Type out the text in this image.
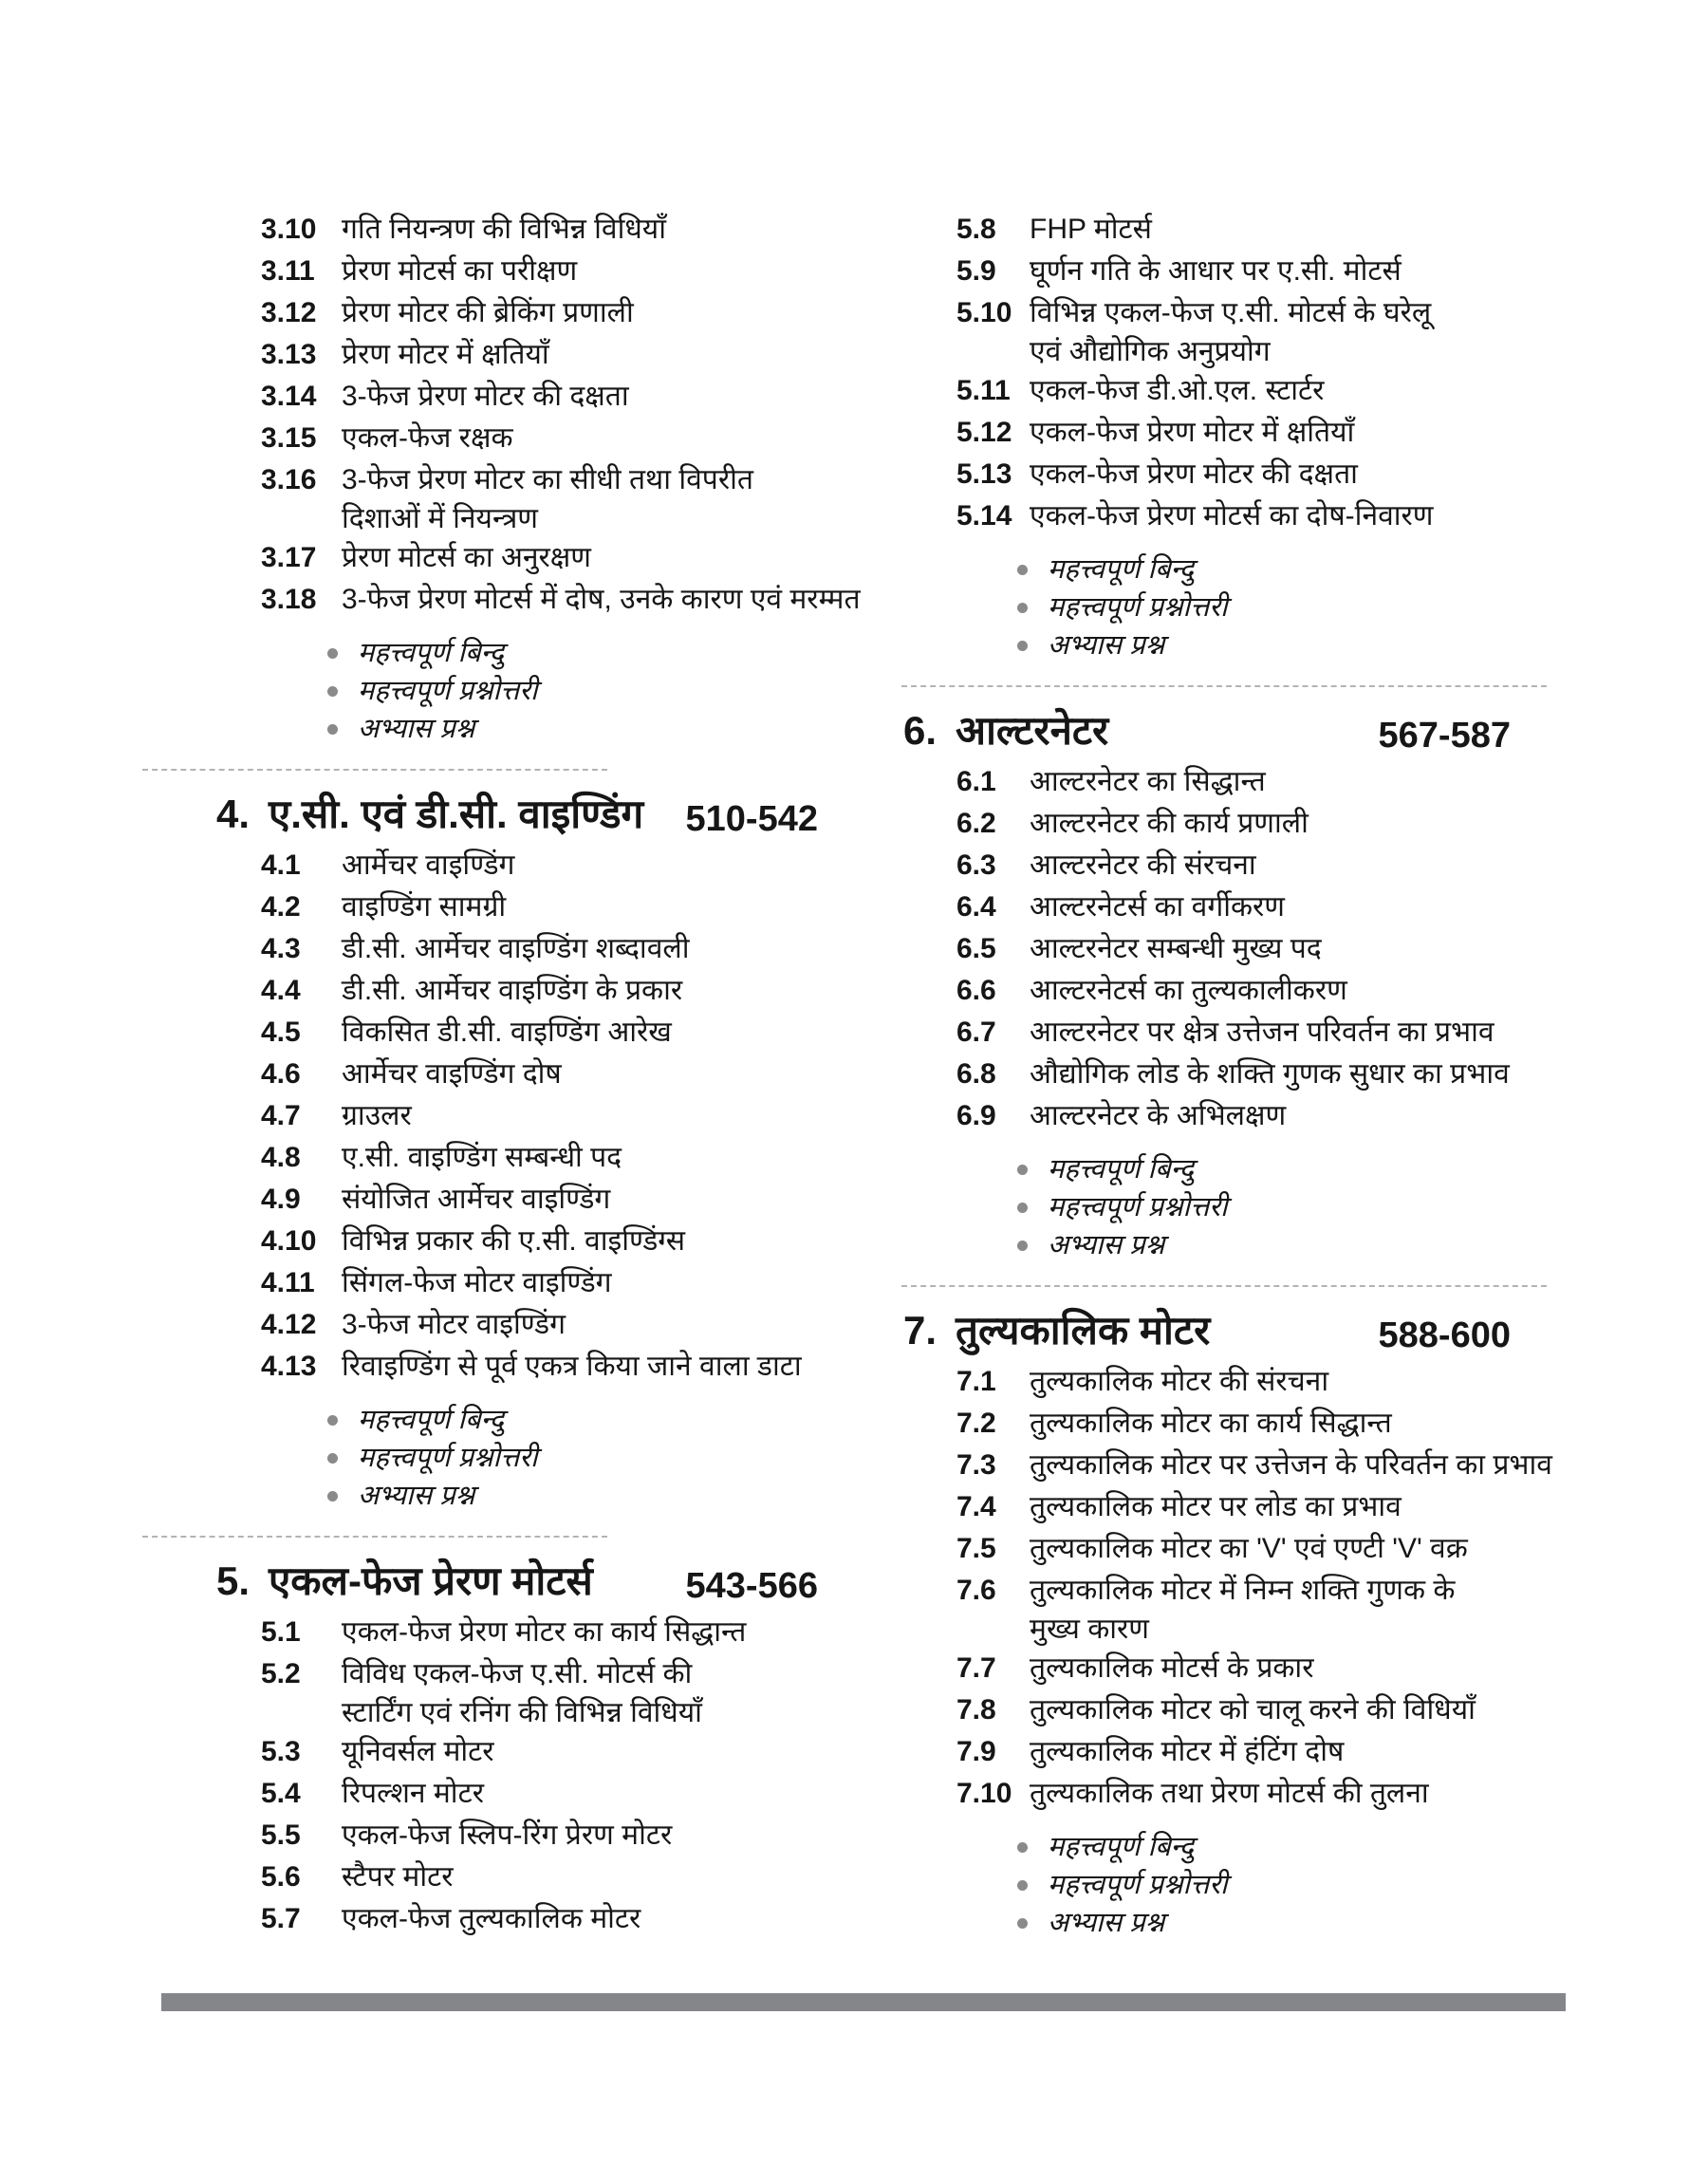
3.10 गति नियन्त्रण की विभिन्न विधियाँ
3.11 प्रेरण मोटर्स का परीक्षण
3.12 प्रेरण मोटर की ब्रेकिंग प्रणाली
3.13 प्रेरण मोटर में क्षतियाँ
3.14 3-फेज प्रेरण मोटर की दक्षता
3.15 एकल-फेज रक्षक
3.16 3-फेज प्रेरण मोटर का सीधी तथा विपरीत
दिशाओं में नियन्त्रण
3.17 प्रेरण मोटर्स का अनुरक्षण
3.18 3-फेज प्रेरण मोटर्स में दोष, उनके कारण एवं मरम्मत
महत्त्वपूर्ण बिन्दु
महत्त्वपूर्ण प्रश्नोत्तरी
अभ्यास प्रश्न
4. ए.सी. एवं डी.सी. वाइण्डिंग 510-542
4.1 आर्मेचर वाइण्डिंग
4.2 वाइण्डिंग सामग्री
4.3 डी.सी. आर्मेचर वाइण्डिंग शब्दावली
4.4 डी.सी. आर्मेचर वाइण्डिंग के प्रकार
4.5 विकसित डी.सी. वाइण्डिंग आरेख
4.6 आर्मेचर वाइण्डिंग दोष
4.7 ग्राउलर
4.8 ए.सी. वाइण्डिंग सम्बन्धी पद
4.9 संयोजित आर्मेचर वाइण्डिंग
4.10 विभिन्न प्रकार की ए.सी. वाइण्डिंग्स
4.11 सिंगल-फेज मोटर वाइण्डिंग
4.12 3-फेज मोटर वाइण्डिंग
4.13 रिवाइण्डिंग से पूर्व एकत्र किया जाने वाला डाटा
महत्त्वपूर्ण बिन्दु
महत्त्वपूर्ण प्रश्नोत्तरी
अभ्यास प्रश्न
5. एकल-फेज प्रेरण मोटर्स	543-566
5.1 एकल-फेज प्रेरण मोटर का कार्य सिद्धान्त
5.2 विविध एकल-फेज ए.सी. मोटर्स की
स्टार्टिंग एवं रनिंग की विभिन्न विधियाँ
5.3 यूनिवर्सल मोटर
5.4 रिपल्शन मोटर
5.5 एकल-फेज स्लिप-रिंग प्रेरण मोटर
5.6 स्टैपर मोटर
5.7 एकल-फेज तुल्यकालिक मोटर
5.8 FHP मोटर्स
5.9 घूर्णन गति के आधार पर ए.सी. मोटर्स
5.10 विभिन्न एकल-फेज ए.सी. मोटर्स के घरेलू
एवं औद्योगिक अनुप्रयोग
5.11 एकल-फेज डी.ओ.एल. स्टार्टर
5.12 एकल-फेज प्रेरण मोटर में क्षतियाँ
5.13 एकल-फेज प्रेरण मोटर की दक्षता
5.14 एकल-फेज प्रेरण मोटर्स का दोष-निवारण
महत्त्वपूर्ण बिन्दु
महत्त्वपूर्ण प्रश्नोत्तरी
अभ्यास प्रश्न
6. आल्टरनेटर	567-587
6.1 आल्टरनेटर का सिद्धान्त
6.2 आल्टरनेटर की कार्य प्रणाली
6.3 आल्टरनेटर की संरचना
6.4 आल्टरनेटर्स का वर्गीकरण
6.5 आल्टरनेटर सम्बन्धी मुख्य पद
6.6 आल्टरनेटर्स का तुल्यकालीकरण
6.7 आल्टरनेटर पर क्षेत्र उत्तेजन परिवर्तन का प्रभाव
6.8 औद्योगिक लोड के शक्ति गुणक सुधार का प्रभाव
6.9 आल्टरनेटर के अभिलक्षण
महत्त्वपूर्ण बिन्दु
महत्त्वपूर्ण प्रश्नोत्तरी
अभ्यास प्रश्न
7. तुल्यकालिक मोटर	588-600
7.1 तुल्यकालिक मोटर की संरचना
7.2 तुल्यकालिक मोटर का कार्य सिद्धान्त
7.3 तुल्यकालिक मोटर पर उत्तेजन के परिवर्तन का प्रभाव
7.4 तुल्यकालिक मोटर पर लोड का प्रभाव
7.5 तुल्यकालिक मोटर का 'V' एवं एण्टी 'V' वक्र
7.6 तुल्यकालिक मोटर में निम्न शक्ति गुणक के
मुख्य कारण
7.7 तुल्यकालिक मोटर्स के प्रकार
7.8 तुल्यकालिक मोटर को चालू करने की विधियाँ
7.9 तुल्यकालिक मोटर में हंटिंग दोष
7.10 तुल्यकालिक तथा प्रेरण मोटर्स की तुलना
महत्त्वपूर्ण बिन्दु
महत्त्वपूर्ण प्रश्नोत्तरी
अभ्यास प्रश्न
